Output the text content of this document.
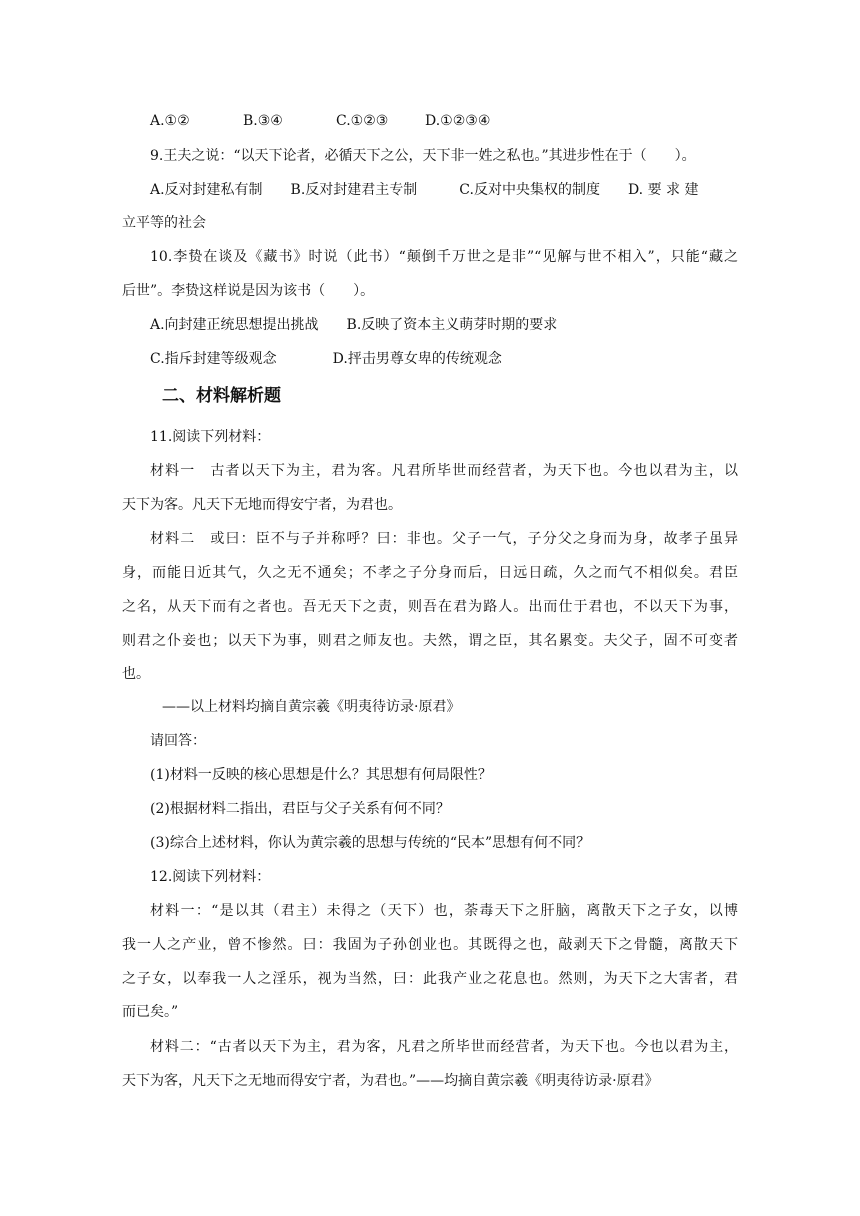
A.①②	B.③④	C.①②③	D.①②③④
9.王夫之说：“以天下论者，必循天下之公，天下非一姓之私也。”其进步性在于（　　）。
A.反对封建私有制　　B.反对封建君主专制　　　C.反对中央集权的制度　　D. 要 求 建
立平等的社会
10.李贽在谈及《藏书》时说（此书）“颠倒千万世之是非”“见解与世不相入”，只能“藏之
后世”。李贽这样说是因为该书（　　）。
A.向封建正统思想提出挑战　　B.反映了资本主义萌芽时期的要求
C.指斥封建等级观念　　　　D.抨击男尊女卑的传统观念
二、材料解析题
11.阅读下列材料：
材料一　古者以天下为主，君为客。凡君所毕世而经营者，为天下也。今也以君为主，以
天下为客。凡天下无地而得安宁者，为君也。
材料二　或曰：臣不与子并称呼？曰：非也。父子一气，子分父之身而为身，故孝子虽异
身，而能日近其气，久之无不通矣；不孝之子分身而后，日远日疏，久之而气不相似矣。君臣
之名，从天下而有之者也。吾无天下之责，则吾在君为路人。出而仕于君也，不以天下为事，
则君之仆妾也；以天下为事，则君之师友也。夫然，谓之臣，其名累变。夫父子，固不可变者
也。
——以上材料均摘自黄宗羲《明夷待访录·原君》
请回答：
(1)材料一反映的核心思想是什么？其思想有何局限性？
(2)根据材料二指出，君臣与父子关系有何不同？
(3)综合上述材料，你认为黄宗羲的思想与传统的“民本”思想有何不同？
12.阅读下列材料：
材料一：“是以其（君主）未得之（天下）也，荼毒天下之肝脑，离散天下之子女，以博
我一人之产业，曾不惨然。曰：我固为子孙创业也。其既得之也，敲剥天下之骨髓，离散天下
之子女，以奉我一人之淫乐，视为当然，曰：此我产业之花息也。然则，为天下之大害者，君
而已矣。”
材料二：“古者以天下为主，君为客，凡君之所毕世而经营者，为天下也。今也以君为主，
天下为客，凡天下之无地而得安宁者，为君也。”——均摘自黄宗羲《明夷待访录·原君》
